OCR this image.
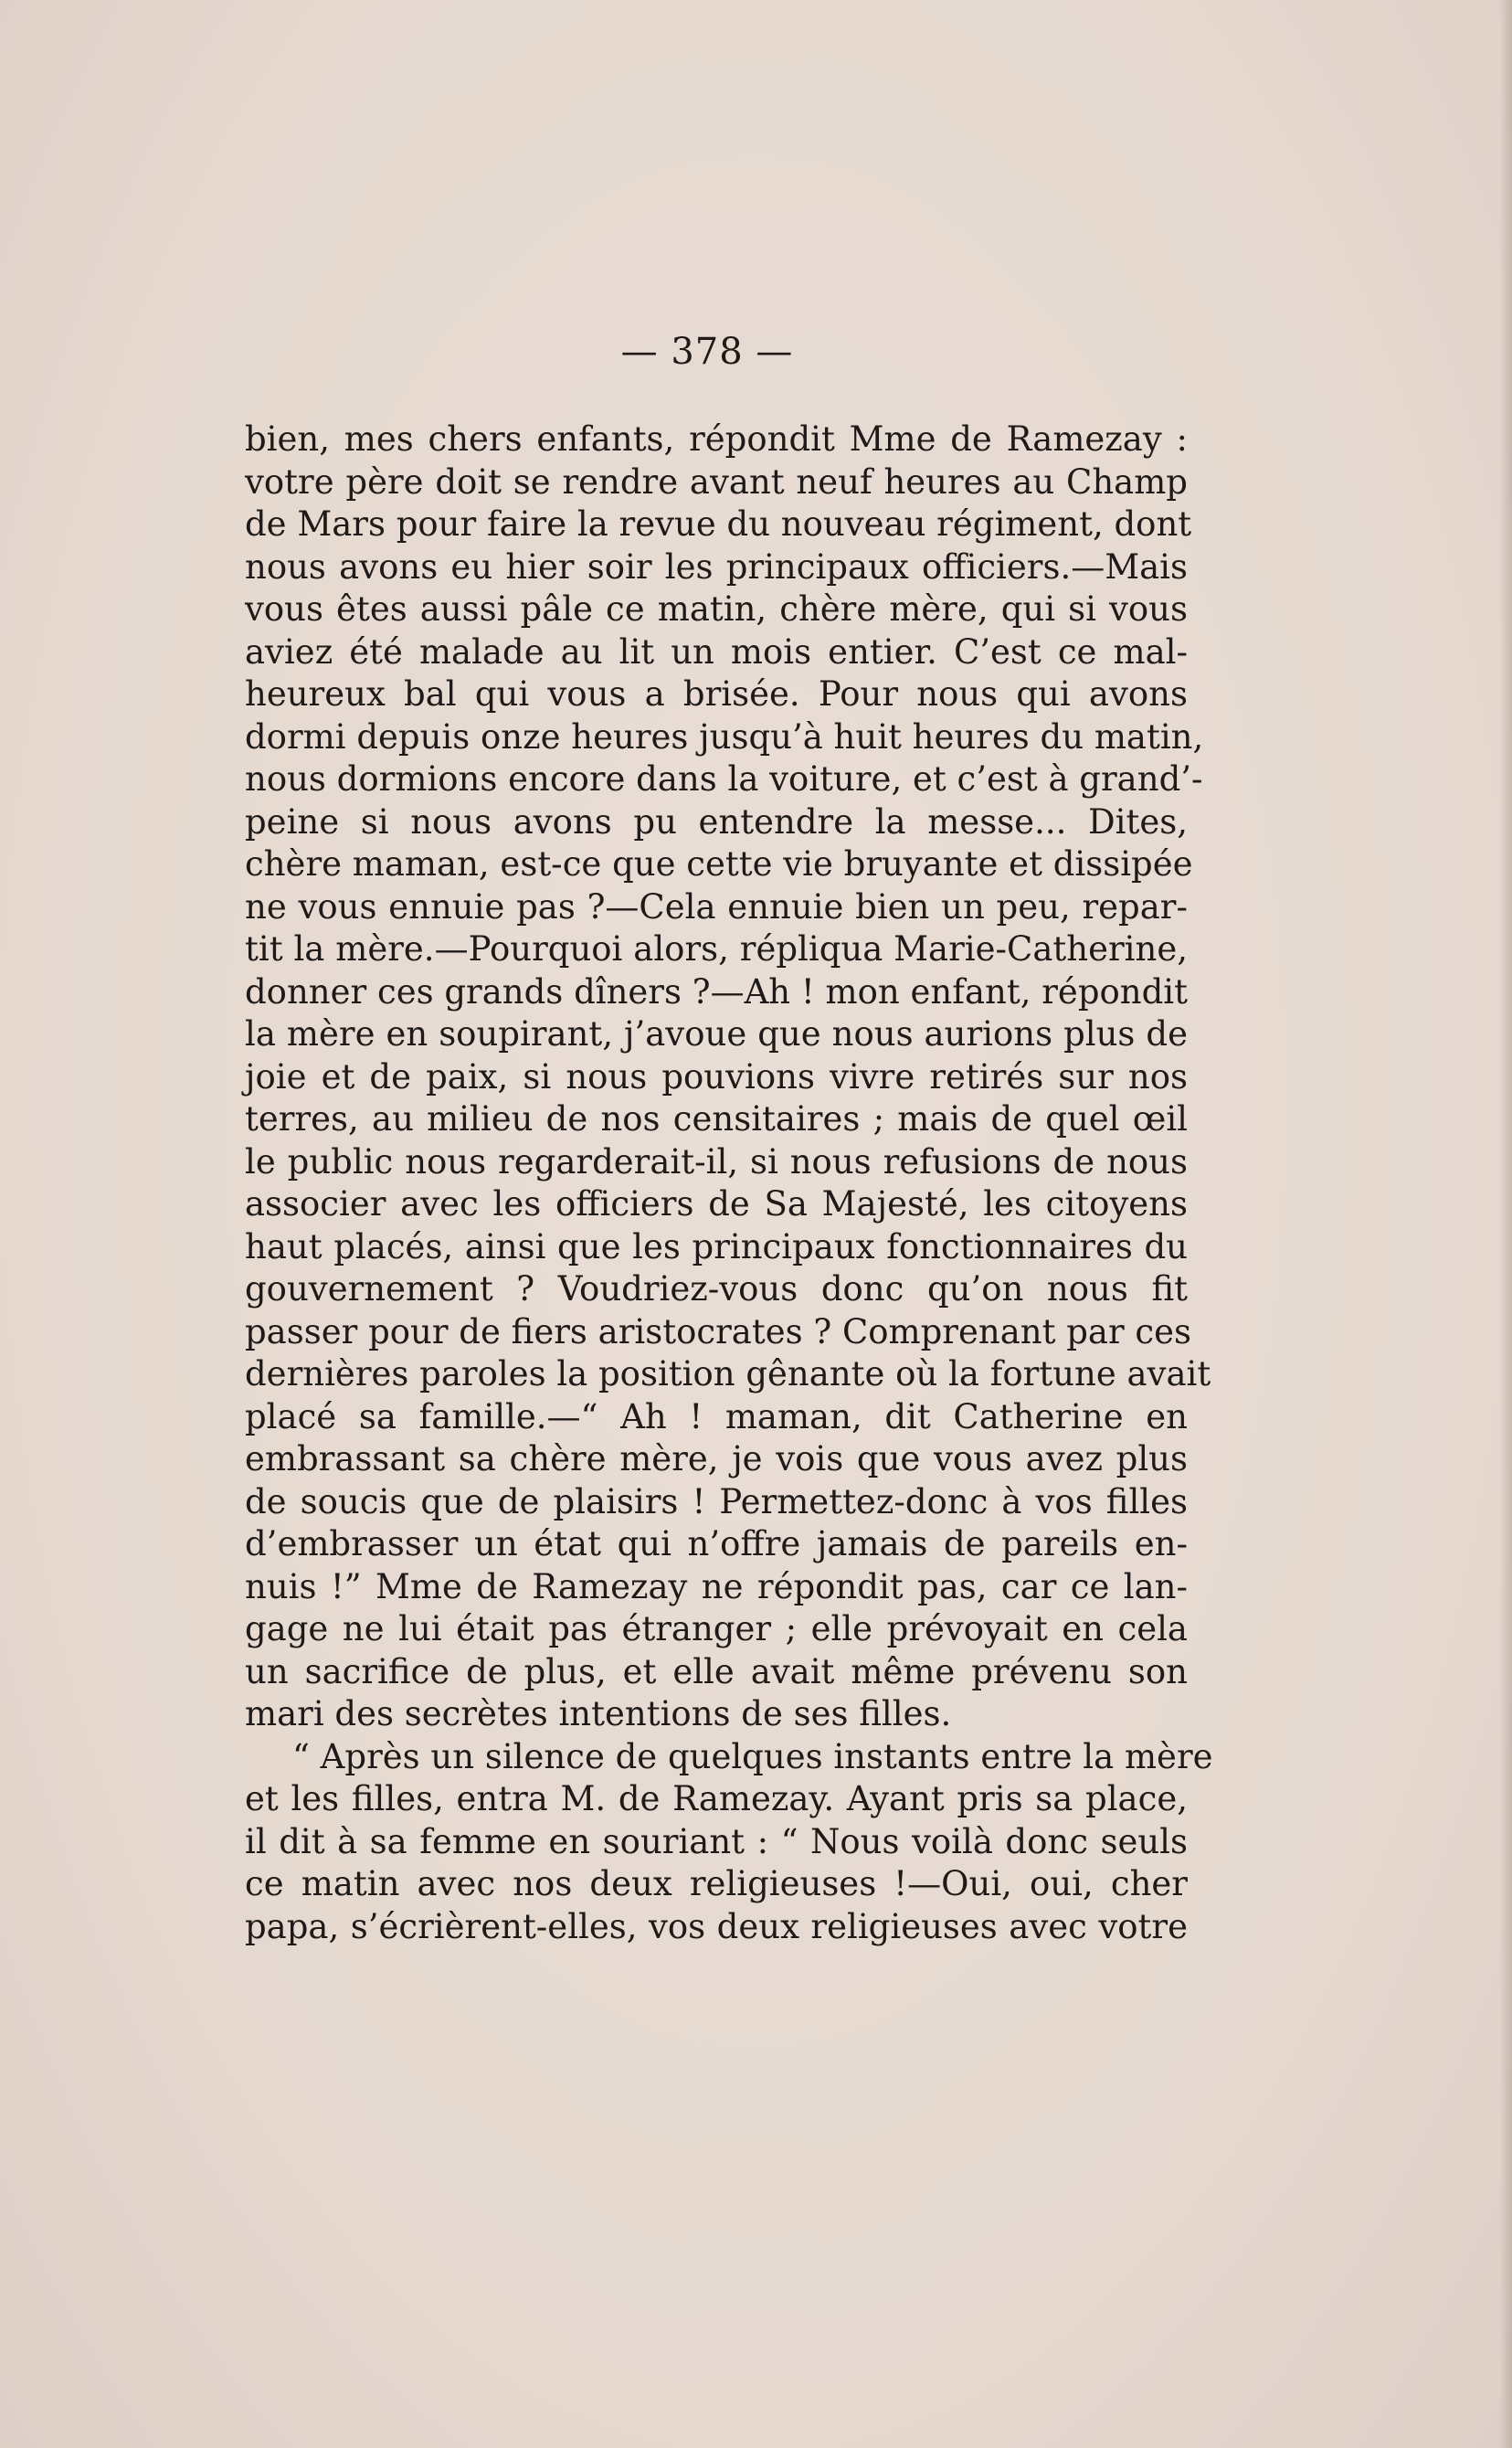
— 378 —
bien, mes chers enfants, répondit Mme de Ramezay :
votre père doit se rendre avant neuf heures au Champ
de Mars pour faire la revue du nouveau régiment, dont
nous avons eu hier soir les principaux officiers.—Mais
vous êtes aussi pâle ce matin, chère mère, qui si vous
aviez été malade au lit un mois entier. C’est ce mal-
heureux bal qui vous a brisée. Pour nous qui avons
dormi depuis onze heures jusqu’à huit heures du matin,
nous dormions encore dans la voiture, et c’est à grand’-
peine si nous avons pu entendre la messe... Dites,
chère maman, est-ce que cette vie bruyante et dissipée
ne vous ennuie pas ?—Cela ennuie bien un peu, repar-
tit la mère.—Pourquoi alors, répliqua Marie-Catherine,
donner ces grands dîners ?—Ah ! mon enfant, répondit
la mère en soupirant, j’avoue que nous aurions plus de
joie et de paix, si nous pouvions vivre retirés sur nos
terres, au milieu de nos censitaires ; mais de quel œil
le public nous regarderait-il, si nous refusions de nous
associer avec les officiers de Sa Majesté, les citoyens
haut placés, ainsi que les principaux fonctionnaires du
gouvernement ? Voudriez-vous donc qu’on nous fit
passer pour de fiers aristocrates ? Comprenant par ces
dernières paroles la position gênante où la fortune avait
placé sa famille.—“ Ah ! maman, dit Catherine en
embrassant sa chère mère, je vois que vous avez plus
de soucis que de plaisirs ! Permettez-donc à vos filles
d’embrasser un état qui n’offre jamais de pareils en-
nuis !” Mme de Ramezay ne répondit pas, car ce lan-
gage ne lui était pas étranger ; elle prévoyait en cela
un sacrifice de plus, et elle avait même prévenu son
mari des secrètes intentions de ses filles.
“ Après un silence de quelques instants entre la mère
et les filles, entra M. de Ramezay. Ayant pris sa place,
il dit à sa femme en souriant : “ Nous voilà donc seuls
ce matin avec nos deux religieuses !—Oui, oui, cher
papa, s’écrièrent-elles, vos deux religieuses avec votre
